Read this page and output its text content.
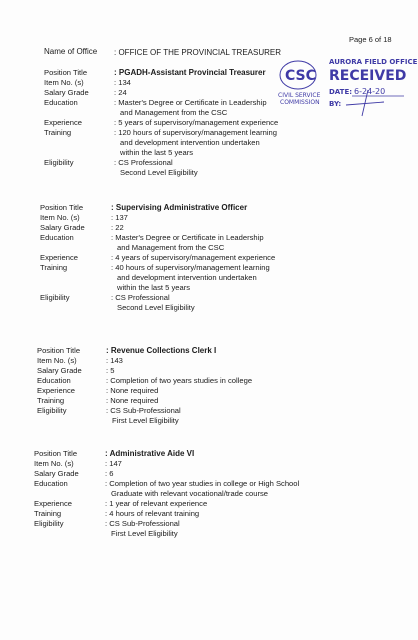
Page 6 of 18
Name of Office
:	OFFICE OF THE PROVINCIAL TREASURER
CSC
CIVIL SERVICE
COMMISSION
AURORA FIELD OFFICE
RECEIVED
DATE: 6-24-20
BY:
Position Title
Item No. (s)
Salary Grade
Education
Experience
Training
Eligibility
: PGADH-Assistant Provincial Treasurer
: 134
: 24
: Master's Degree or Certificate in Leadership
and Management from the CSC
: 5 years of supervisory/management experience
: 120 hours of supervisory/management learning
and development intervention undertaken
within the last 5 years
: CS Professional
Second Level Eligibility
Position Title
Item No. (s)
Salary Grade
Education
Experience
Training
Eligibility
: Supervising Administrative Officer
: 137
: 22
: Master's Degree or Certificate in Leadership
and Management from the CSC
: 4 years of supervisory/management experience
: 40 hours of supervisory/management learning
and development intervention undertaken
within the last 5 years
: CS Professional
Second Level Eligibility
Position Title
Item No. (s)
Salary Grade
Education
Experience
Training
Eligibility
: Revenue Collections Clerk I
: 143
: 5
: Completion of two years studies in college
: None required
: None required
: CS Sub-Professional
First Level Eligibility
Position Title
Item No. (s)
Salary Grade
Education
Experience
Training
Eligibility
: Administrative Aide VI
: 147
: 6
: Completion of two year studies in college or High School
Graduate with relevant vocational/trade course
: 1 year of relevant experience
: 4 hours of relevant training
: CS Sub-Professional
First Level Eligibility
